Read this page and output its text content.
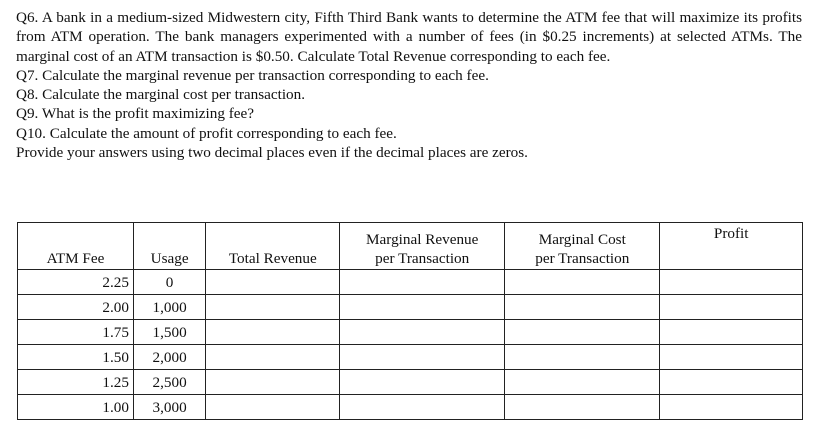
Q6. A bank in a medium-sized Midwestern city, Fifth Third Bank wants to determine the ATM fee that will maximize its profits from ATM operation. The bank managers experimented with a number of fees (in $0.25 increments) at selected ATMs. The marginal cost of an ATM transaction is $0.50. Calculate Total Revenue corresponding to each fee.

Q7. Calculate the marginal revenue per transaction corresponding to each fee.

Q8. Calculate the marginal cost per transaction.

Q9. What is the profit maximizing fee?

Q10. Calculate the amount of profit corresponding to each fee.

Provide your answers using two decimal places even if the decimal places are zeros.

ATM Fee	Usage	Total Revenue	Marginal Revenue
per Transaction	Marginal Cost
per Transaction	Profit
2.25	0				
2.00	1,000				
1.75	1,500				
1.50	2,000				
1.25	2,500				
1.00	3,000				
